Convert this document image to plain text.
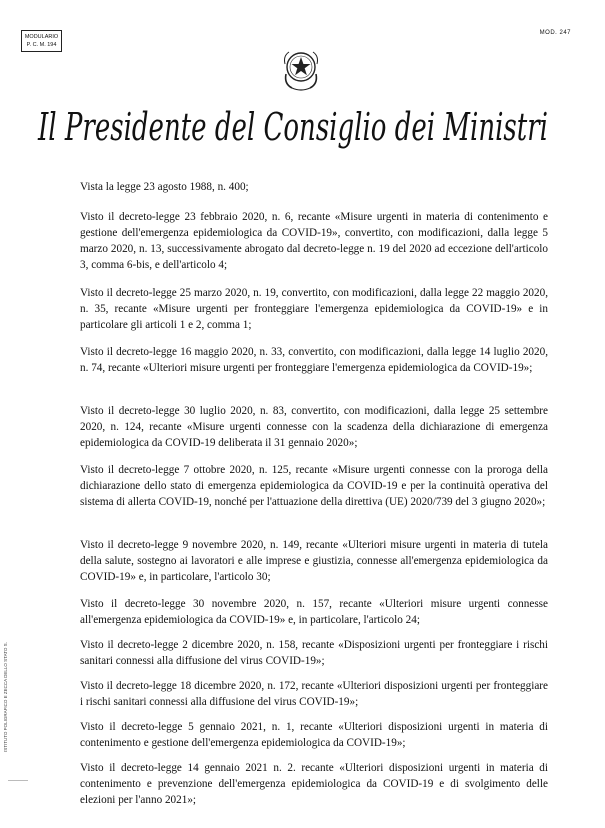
MODULARIO
P. C. M. 194
MOD. 247
Il Presidente del Consiglio dei Ministri
ISTITUTO POLIGRAFICO E ZECCA DELLO STATO S.

Vista la legge 23 agosto 1988, n. 400;

Visto il decreto-legge 23 febbraio 2020, n. 6, recante «Misure urgenti in materia di contenimento e gestione dell'emergenza epidemiologica da COVID-19», convertito, con modificazioni, dalla legge 5 marzo 2020, n. 13, successivamente abrogato dal decreto-legge n. 19 del 2020 ad eccezione dell'articolo 3, comma 6-bis, e dell'articolo 4;

Visto il decreto-legge 25 marzo 2020, n. 19, convertito, con modificazioni, dalla legge 22 maggio 2020, n. 35, recante «Misure urgenti per fronteggiare l'emergenza epidemiologica da COVID-19» e in particolare gli articoli 1 e 2, comma 1;

Visto il decreto-legge 16 maggio 2020, n. 33, convertito, con modificazioni, dalla legge 14 luglio 2020, n. 74, recante «Ulteriori misure urgenti per fronteggiare l'emergenza epidemiologica da COVID-19»;

Visto il decreto-legge 30 luglio 2020, n. 83, convertito, con modificazioni, dalla legge 25 settembre 2020, n. 124, recante «Misure urgenti connesse con la scadenza della dichiarazione di emergenza epidemiologica da COVID-19 deliberata il 31 gennaio 2020»;

Visto il decreto-legge 7 ottobre 2020, n. 125, recante «Misure urgenti connesse con la proroga della dichiarazione dello stato di emergenza epidemiologica da COVID-19 e per la continuità operativa del sistema di allerta COVID-19, nonché per l'attuazione della direttiva (UE) 2020/739 del 3 giugno 2020»;

Visto il decreto-legge 9 novembre 2020, n. 149, recante «Ulteriori misure urgenti in materia di tutela della salute, sostegno ai lavoratori e alle imprese e giustizia, connesse all'emergenza epidemiologica da COVID-19» e, in particolare, l'articolo 30;

Visto il decreto-legge 30 novembre 2020, n. 157, recante «Ulteriori misure urgenti connesse all'emergenza epidemiologica da COVID-19» e, in particolare, l'articolo 24;

Visto il decreto-legge 2 dicembre 2020, n. 158, recante «Disposizioni urgenti per fronteggiare i rischi sanitari connessi alla diffusione del virus COVID-19»;

Visto il decreto-legge 18 dicembre 2020, n. 172, recante «Ulteriori disposizioni urgenti per fronteggiare i rischi sanitari connessi alla diffusione del virus COVID-19»;

Visto il decreto-legge 5 gennaio 2021, n. 1, recante «Ulteriori disposizioni urgenti in materia di contenimento e gestione dell'emergenza epidemiologica da COVID-19»;

Visto il decreto-legge 14 gennaio 2021 n. 2. recante «Ulteriori disposizioni urgenti in materia di contenimento e prevenzione dell'emergenza epidemiologica da COVID-19 e di svolgimento delle elezioni per l'anno 2021»;
